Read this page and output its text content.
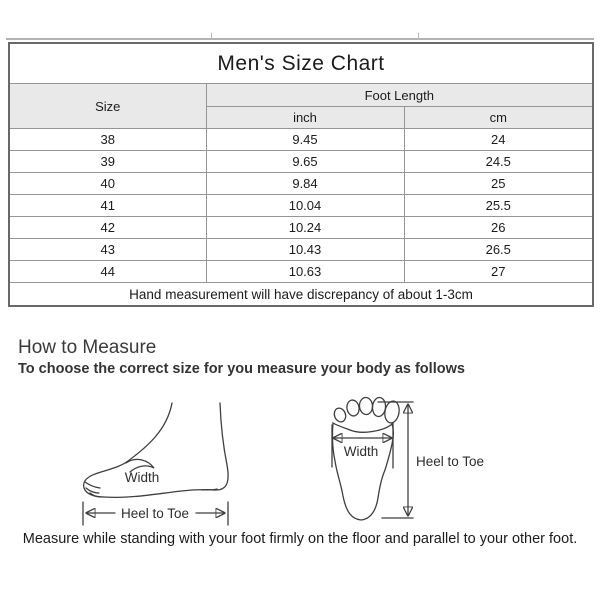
Men's Size Chart		
Size	Foot Length	
	inch	cm
38	9.45	24
39	9.65	24.5
40	9.84	25
41	10.04	25.5
42	10.24	26
43	10.43	26.5
44	10.63	27
Hand measurement will have discrepancy of about 1-3cm		
How to Measure
To choose the correct size for you measure your body as follows
Width
Heel to Toe
Width
Heel to Toe
Measure while standing with your foot firmly on the floor and parallel to your other foot.
